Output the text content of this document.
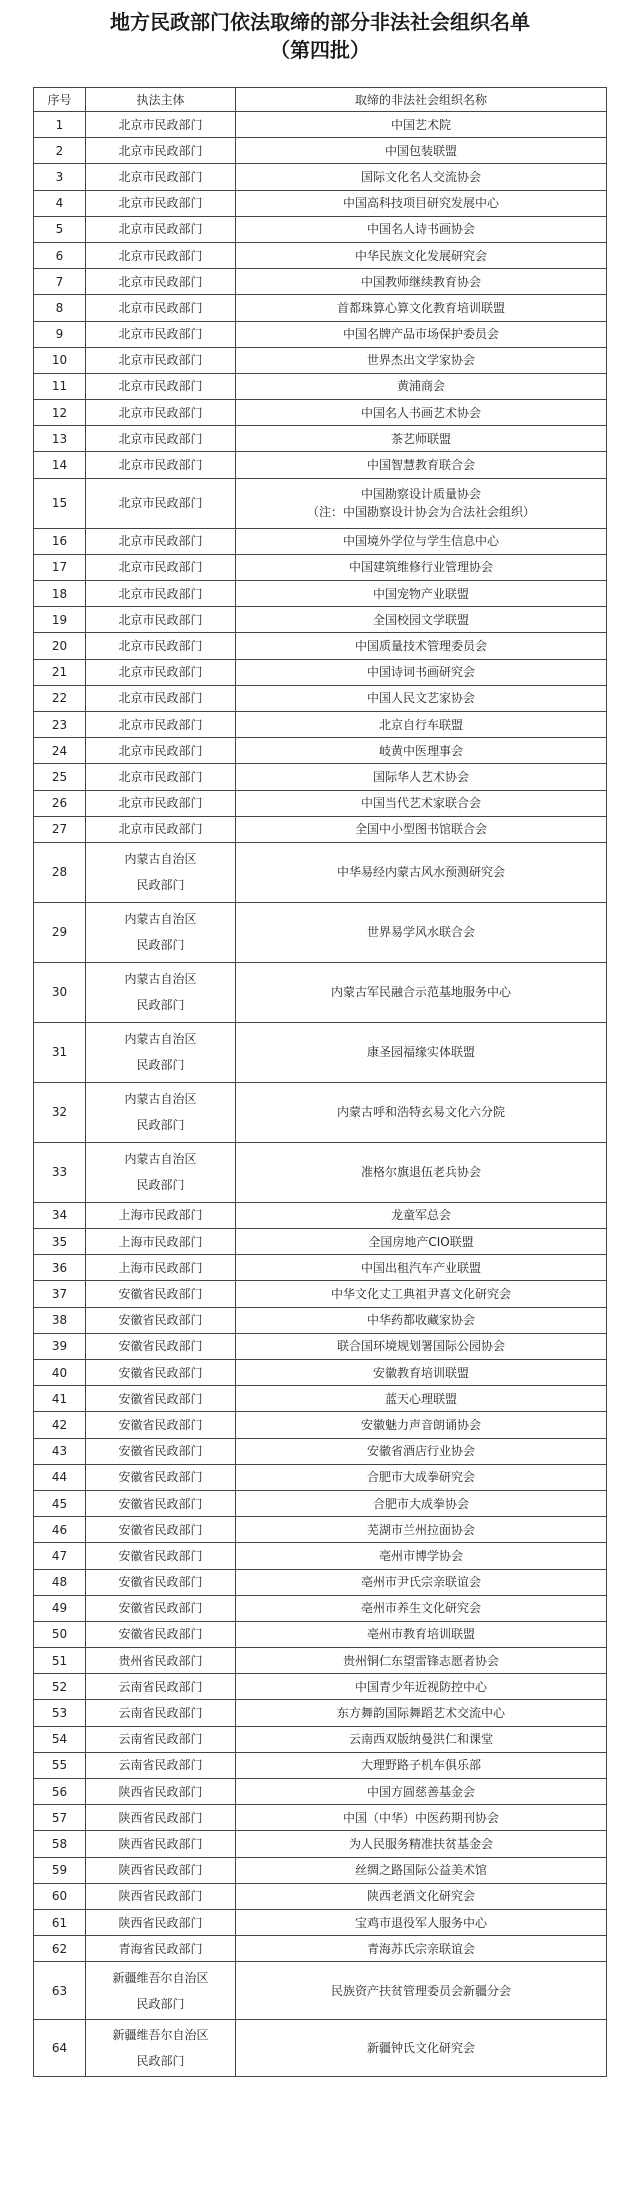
地方民政部门依法取缔的部分非法社会组织名单
（第四批）
序号	执法主体	取缔的非法社会组织名称
1	北京市民政部门	中国艺术院

2	北京市民政部门	中国包装联盟

3	北京市民政部门	国际文化名人交流协会

4	北京市民政部门	中国高科技项目研究发展中心

5	北京市民政部门	中国名人诗书画协会

6	北京市民政部门	中华民族文化发展研究会

7	北京市民政部门	中国教师继续教育协会

8	北京市民政部门	首都珠算心算文化教育培训联盟

9	北京市民政部门	中国名牌产品市场保护委员会

10	北京市民政部门	世界杰出文学家协会

11	北京市民政部门	黄浦商会

12	北京市民政部门	中国名人书画艺术协会

13	北京市民政部门	茶艺师联盟

14	北京市民政部门	中国智慧教育联合会

15	北京市民政部门	中国勘察设计质量协会
（注：中国勘察设计协会为合法社会组织）

16	北京市民政部门	中国境外学位与学生信息中心

17	北京市民政部门	中国建筑维修行业管理协会

18	北京市民政部门	中国宠物产业联盟

19	北京市民政部门	全国校园文学联盟

20	北京市民政部门	中国质量技术管理委员会

21	北京市民政部门	中国诗词书画研究会

22	北京市民政部门	中国人民文艺家协会

23	北京市民政部门	北京自行车联盟

24	北京市民政部门	岐黄中医理事会

25	北京市民政部门	国际华人艺术协会

26	北京市民政部门	中国当代艺术家联合会

27	北京市民政部门	全国中小型图书馆联合会

28	内蒙古自治区
民政部门	中华易经内蒙古风水预测研究会

29	内蒙古自治区
民政部门	世界易学风水联合会

30	内蒙古自治区
民政部门	内蒙古军民融合示范基地服务中心

31	内蒙古自治区
民政部门	康圣园福缘实体联盟

32	内蒙古自治区
民政部门	内蒙古呼和浩特玄易文化六分院

33	内蒙古自治区
民政部门	准格尔旗退伍老兵协会

34	上海市民政部门	龙童军总会

35	上海市民政部门	全国房地产CIO联盟

36	上海市民政部门	中国出租汽车产业联盟

37	安徽省民政部门	中华文化丈工典祖尹喜文化研究会

38	安徽省民政部门	中华药都收藏家协会

39	安徽省民政部门	联合国环境规划署国际公园协会

40	安徽省民政部门	安徽教育培训联盟

41	安徽省民政部门	蓝天心理联盟

42	安徽省民政部门	安徽魅力声音朗诵协会

43	安徽省民政部门	安徽省酒店行业协会

44	安徽省民政部门	合肥市大成拳研究会

45	安徽省民政部门	合肥市大成拳协会

46	安徽省民政部门	芜湖市兰州拉面协会

47	安徽省民政部门	亳州市博学协会

48	安徽省民政部门	亳州市尹氏宗亲联谊会

49	安徽省民政部门	亳州市养生文化研究会

50	安徽省民政部门	亳州市教育培训联盟

51	贵州省民政部门	贵州铜仁东望雷锋志愿者协会

52	云南省民政部门	中国青少年近视防控中心

53	云南省民政部门	东方舞韵国际舞蹈艺术交流中心

54	云南省民政部门	云南西双版纳曼洪仁和课堂

55	云南省民政部门	大理野路子机车俱乐部

56	陕西省民政部门	中国方圆慈善基金会

57	陕西省民政部门	中国（中华）中医药期刊协会

58	陕西省民政部门	为人民服务精准扶贫基金会

59	陕西省民政部门	丝绸之路国际公益美术馆

60	陕西省民政部门	陕西老酒文化研究会

61	陕西省民政部门	宝鸡市退役军人服务中心

62	青海省民政部门	青海苏氏宗亲联谊会

63	新疆维吾尔自治区
民政部门	民族资产扶贫管理委员会新疆分会

64	新疆维吾尔自治区
民政部门	新疆钟氏文化研究会
